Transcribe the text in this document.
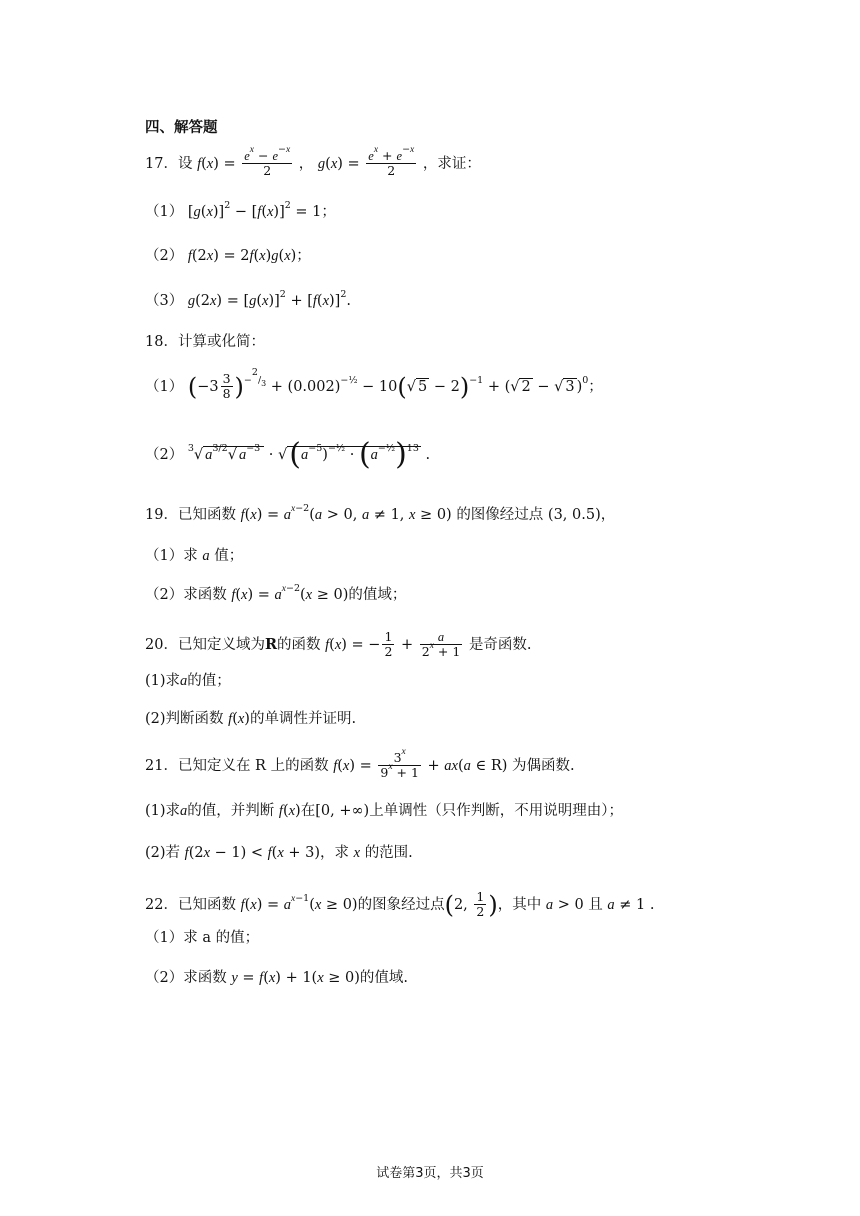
四、解答题
17．设 $f(x) = \frac{e^x - e^{-x}}{2}$ ， $g(x) = \frac{e^x + e^{-x}}{2}$ ，求证：
（1） $[g(x)]^2 - [f(x)]^2 = 1$；
（2） f(2x) = 2f(x)g(x)；
（3） $g(2x) = [g(x)]^2 + [f(x)]^2$.
18．计算或化简：
（1） $(-3 \frac{3}{8} )^{-^2/_3} + (0.002)^{-\frac{1}{2}} - 10(√$ 5 − 2)$^{-1}$ + (√ 2 − √ 3 )$^0$；
（2） $^3$√ $a^{3/2}√$ $a^{-3} \cdot √(a^{-5})^{-\frac{1}{2}} \cdot (a^{-\frac{1}{2}})^{13}$ .
19．已知函数 $f(x) = a^{x-2}(a > 0$, a ≠ 1, x ≥ 0) 的图像经过点 (3, 0.5)，
（1）求 a 值；
（2）求函数 $f(x) = a^{x-2}(x \ge 0)$的值域；
20．已知定义域为R的函数 f(x) = − $\frac{1}{2} + \frac{a}{2^x + 1}$ 是奇函数.
(1)求a的值；
(2)判断函数 f(x)的单调性并证明.
21．已知定义在 R 上的函数 $f(x) = \frac{3^x}{9^x + 1} + ax(a$ ∈ R) 为偶函数.
(1)求a的值，并判断 f(x)在[0, +∞)上单调性（只作判断，不用说明理由）；
(2)若 f(2x − 1) < f(x + 3)，求 x 的范围.
22．已知函数 $f(x) = a^{x-1}(x \ge 0)$的图象经过点(2, $\frac{1}{2}$ )，其中 a > 0 且 a ≠ 1 .
（1）求 a 的值；
（2）求函数 y = f(x) + 1(x ≥ 0)的值域.
试卷第3页，共3页
